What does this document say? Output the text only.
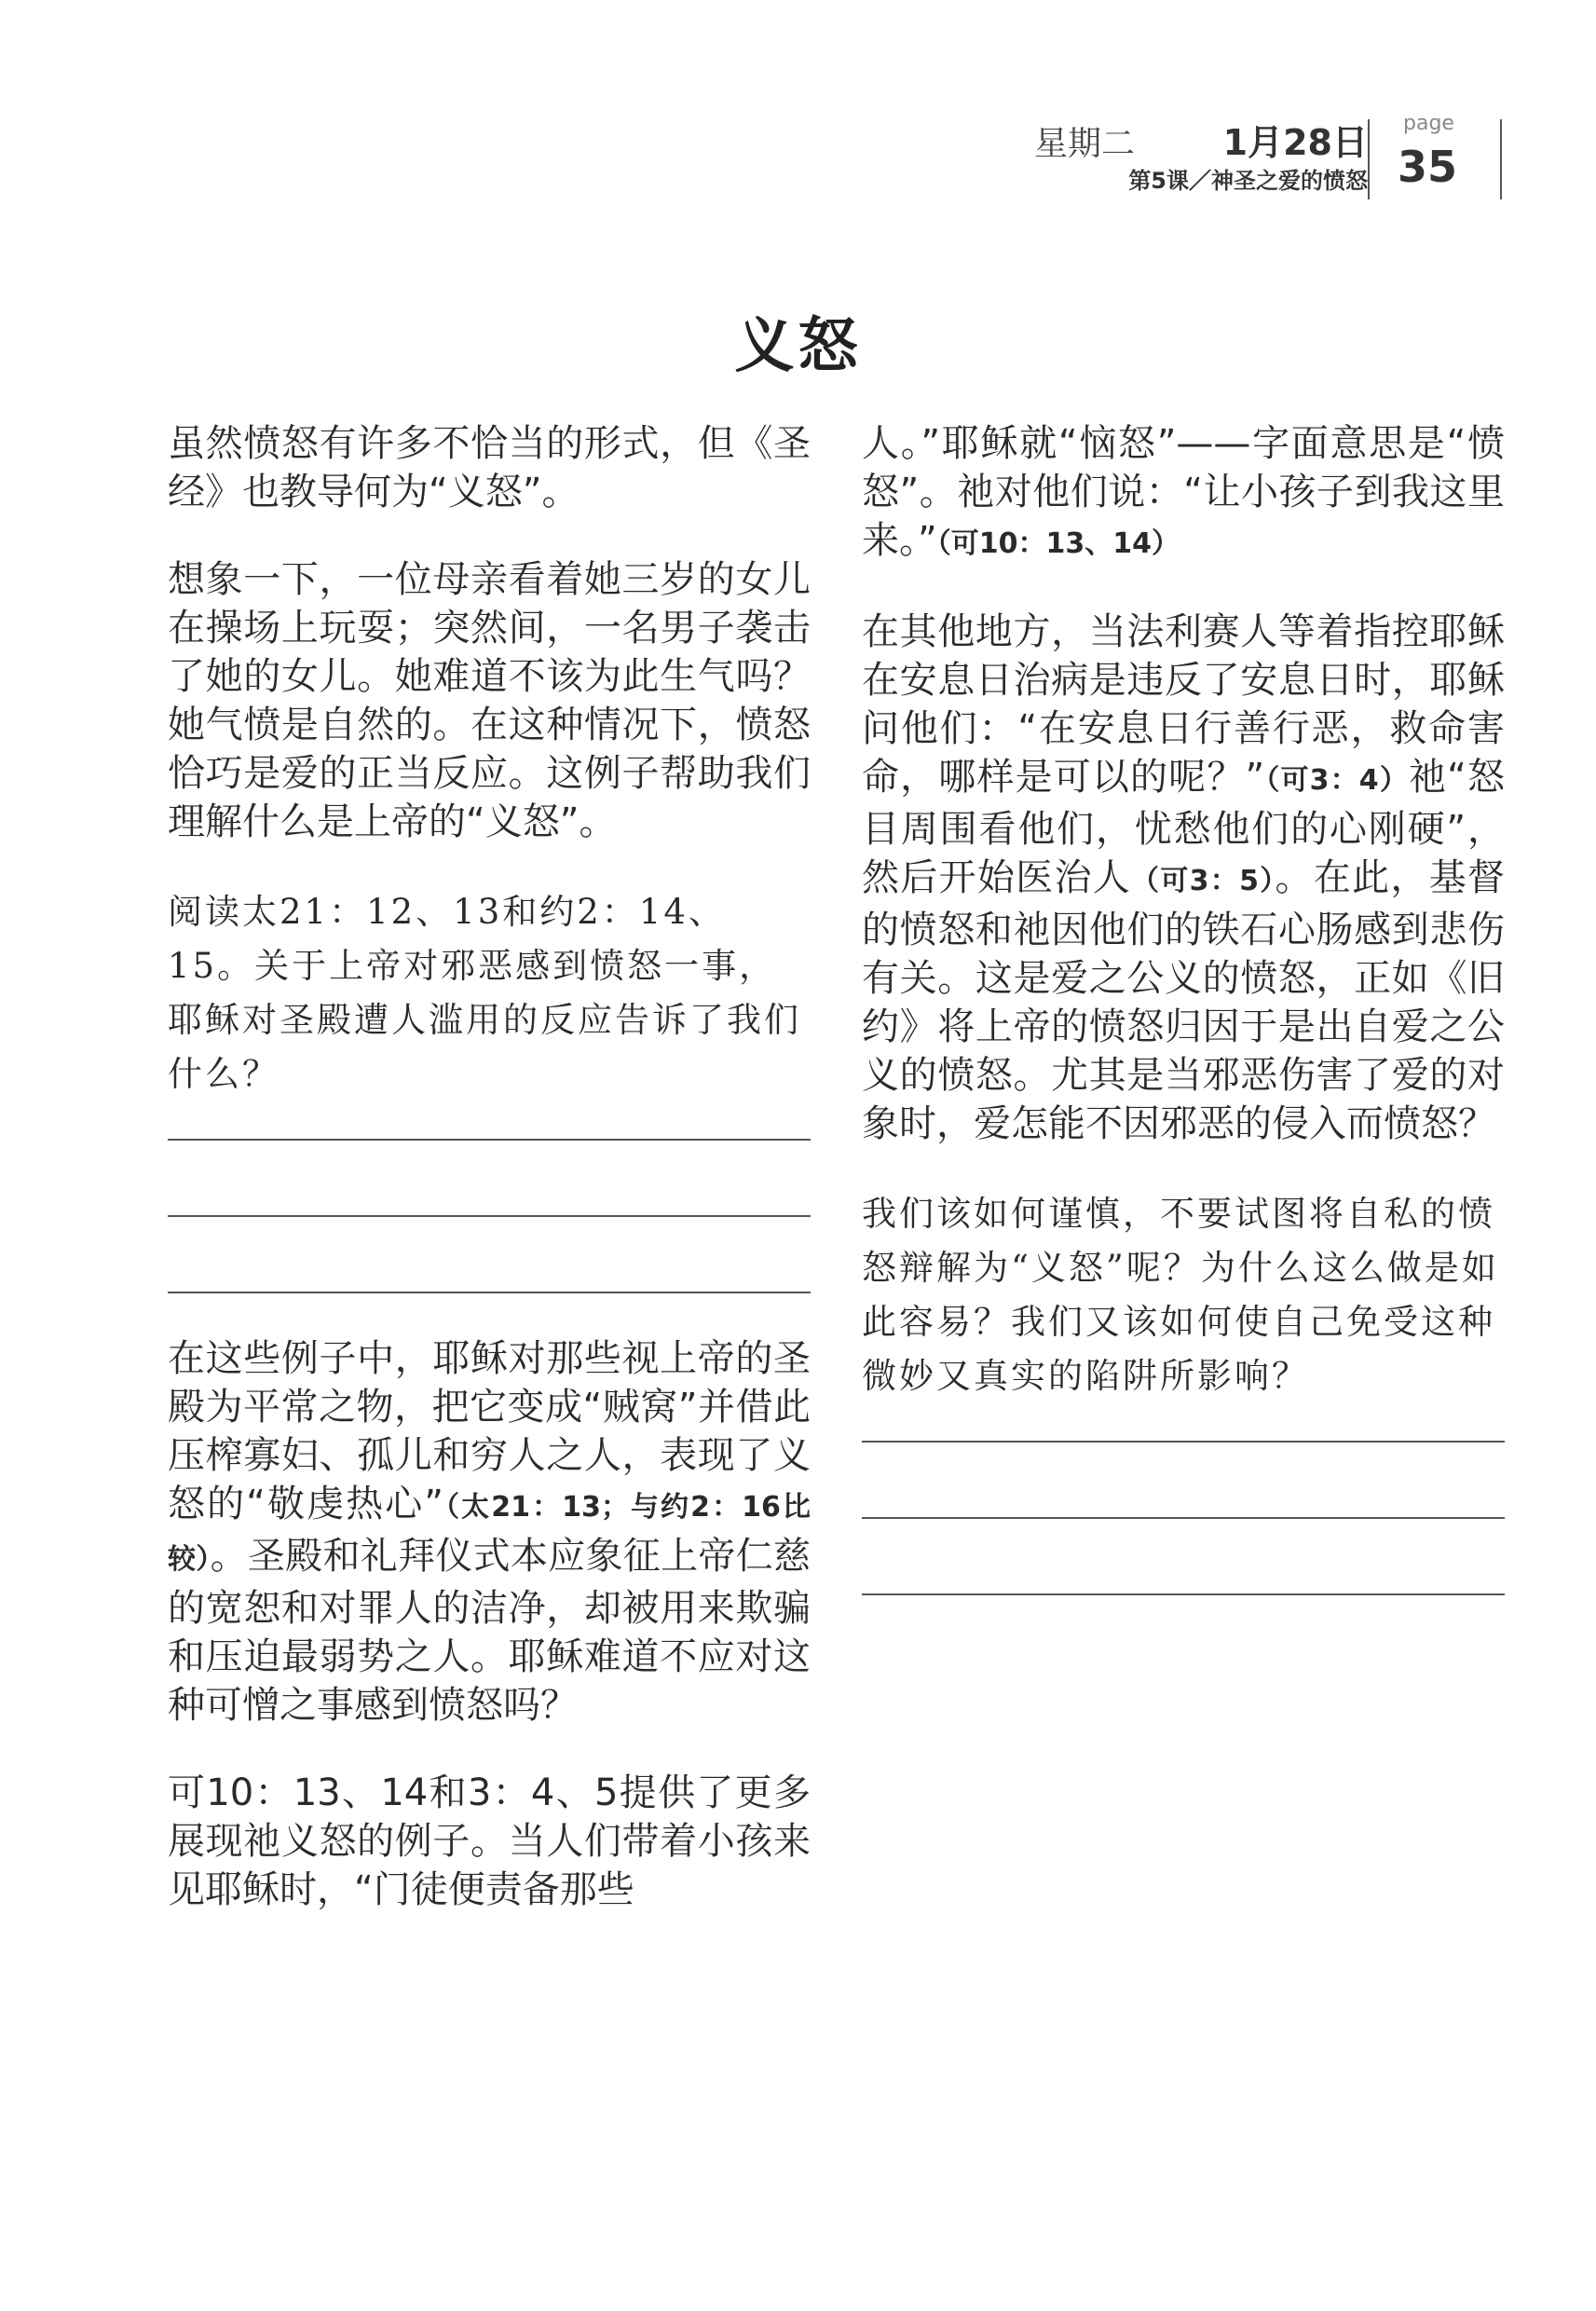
星期二 1月28日
第5课／神圣之爱的愤怒
page
35
义怒

虽然愤怒有许多不恰当的形式，但《圣经》也教导何为“义怒”。

想象一下，一位母亲看着她三岁的女儿在操场上玩耍；突然间，一名男子袭击了她的女儿。她难道不该为此生气吗？她气愤是自然的。在这种情况下，愤怒恰巧是爱的正当反应。这例子帮助我们理解什么是上帝的“义怒”。

阅读太21：12、13和约2：14、15。关于上帝对邪恶感到愤怒一事，耶稣对圣殿遭人滥用的反应告诉了我们什么？

在这些例子中，耶稣对那些视上帝的圣殿为平常之物，把它变成“贼窝”并借此压榨寡妇、孤儿和穷人之人，表现了义怒的“敬虔热心”（太21：13；与约2：16比较）。圣殿和礼拜仪式本应象征上帝仁慈的宽恕和对罪人的洁净，却被用来欺骗和压迫最弱势之人。耶稣难道不应对这种可憎之事感到愤怒吗？

可10：13、14和3：4、5提供了更多展现祂义怒的例子。当人们带着小孩来见耶稣时，“门徒便责备那些

人。”耶稣就“恼怒”——字面意思是“愤怒”。祂对他们说：“让小孩子到我这里来。”（可10：13、14）

在其他地方，当法利赛人等着指控耶稣在安息日治病是违反了安息日时，耶稣问他们：“在安息日行善行恶，救命害命，哪样是可以的呢？”（可3：4）祂“怒目周围看他们，忧愁他们的心刚硬”，然后开始医治人（可3：5）。在此，基督的愤怒和祂因他们的铁石心肠感到悲伤有关。这是爱之公义的愤怒，正如《旧约》将上帝的愤怒归因于是出自爱之公义的愤怒。尤其是当邪恶伤害了爱的对象时，爱怎能不因邪恶的侵入而愤怒？

我们该如何谨慎，不要试图将自私的愤怒辩解为“义怒”呢？为什么这么做是如此容易？我们又该如何使自己免受这种微妙又真实的陷阱所影响？
